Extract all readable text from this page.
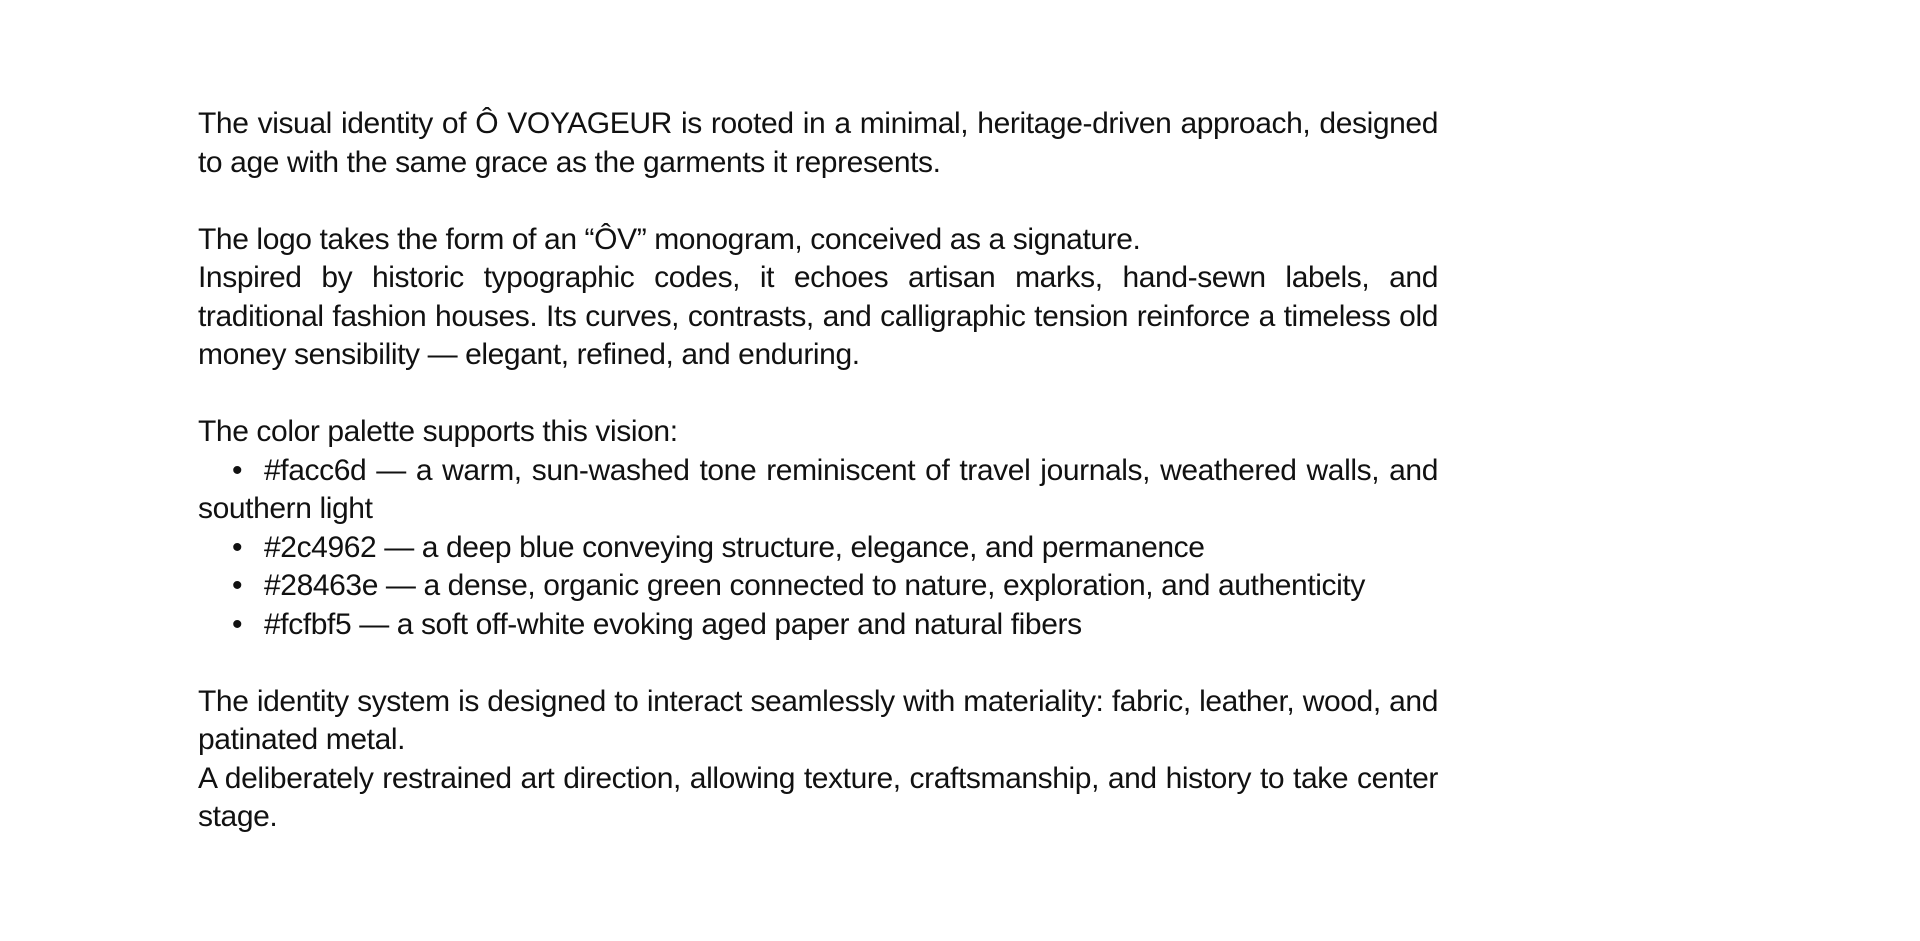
The visual identity of Ô VOYAGEUR is rooted in a minimal, heritage-driven approach, designed to age with the same grace as the garments it represents.

The logo takes the form of an “ÔV” monogram, conceived as a signature.

Inspired by historic typographic codes, it echoes artisan marks, hand-sewn labels, and traditional fashion houses. Its curves, contrasts, and calligraphic tension reinforce a timeless old money sensibility — elegant, refined, and enduring.

The color palette supports this vision:

• #facc6d — a warm, sun-washed tone reminiscent of travel journals, weathered walls, and southern light
• #2c4962 — a deep blue conveying structure, elegance, and permanence
• #28463e — a dense, organic green connected to nature, exploration, and authenticity
• #fcfbf5 — a soft off-white evoking aged paper and natural fibers

The identity system is designed to interact seamlessly with materiality: fabric, leather, wood, and patinated metal.

A deliberately restrained art direction, allowing texture, craftsmanship, and history to take center stage.
